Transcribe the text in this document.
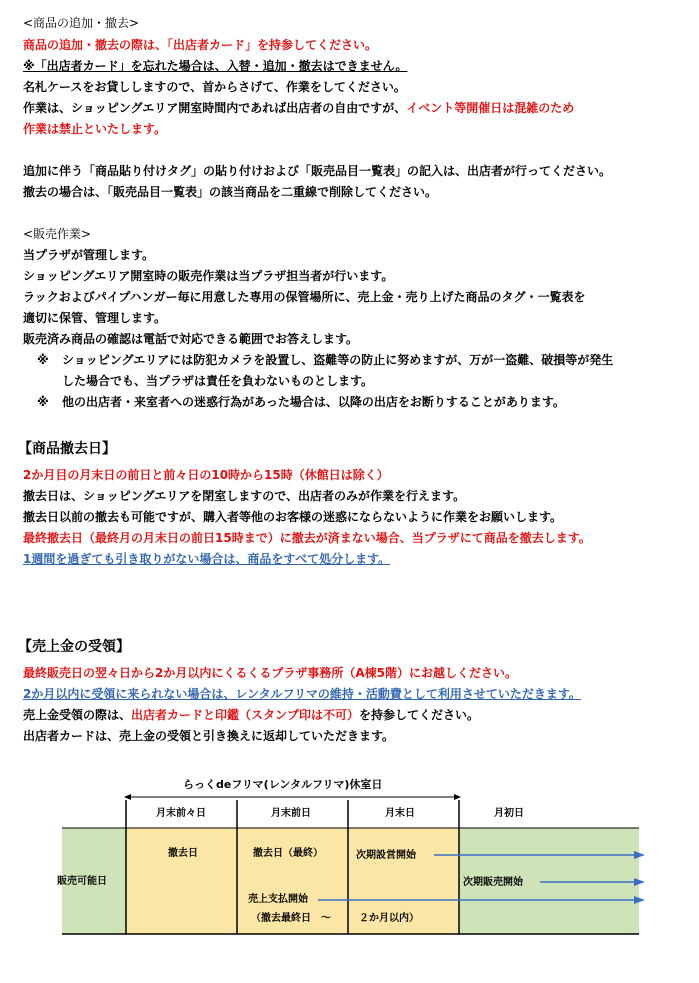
<商品の追加・撤去>
商品の追加・撤去の際は、「出店者カード」を持参してください。
※「出店者カード」を忘れた場合は、入替・追加・撤去はできません。
名札ケースをお貸ししますので、首からさげて、作業をしてください。
作業は、ショッピングエリア開室時間内であれば出店者の自由ですが、イベント等開催日は混雑のため
作業は禁止といたします。
追加に伴う「商品貼り付けタグ」の貼り付けおよび「販売品目一覧表」の記入は、出店者が行ってください。
撤去の場合は、「販売品目一覧表」の該当商品を二重線で削除してください。
<販売作業>
当プラザが管理します。
ショッピングエリア開室時の販売作業は当プラザ担当者が行います。
ラックおよびパイプハンガー毎に用意した専用の保管場所に、売上金・売り上げた商品のタグ・一覧表を
適切に保管、管理します。
販売済み商品の確認は電話で対応できる範囲でお答えします。
※ ショッピングエリアには防犯カメラを設置し、盗難等の防止に努めますが、万が一盗難、破損等が発生
した場合でも、当プラザは責任を負わないものとします。
※ 他の出店者・来室者への迷惑行為があった場合は、以降の出店をお断りすることがあります。
【商品撤去日】
2か月目の月末日の前日と前々日の10時から15時（休館日は除く）
撤去日は、ショッピングエリアを閉室しますので、出店者のみが作業を行えます。
撤去日以前の撤去も可能ですが、購入者等他のお客様の迷惑にならないように作業をお願いします。
最終撤去日（最終月の月末日の前日15時まで）に撤去が済まない場合、当プラザにて商品を撤去します。
1週間を過ぎても引き取りがない場合は、商品をすべて処分します。
【売上金の受領】
最終販売日の翌々日から2か月以内にくるくるプラザ事務所（A棟5階）にお越しください。
2か月以内に受領に来られない場合は、レンタルフリマの維持・活動費として利用させていただきます。
売上金受領の際は、出店者カードと印鑑（スタンプ印は不可）を持参してください。
出店者カードは、売上金の受領と引き換えに返却していただきます。
らっくdeフリマ(レンタルフリマ)休室日
月末前々日	月末前日	月末日	月初日
販売可能日
撤去日	撤去日（最終）	次期設営開始
次期販売開始
売上支払開始
（撤去最終日　～	２か月以内）
